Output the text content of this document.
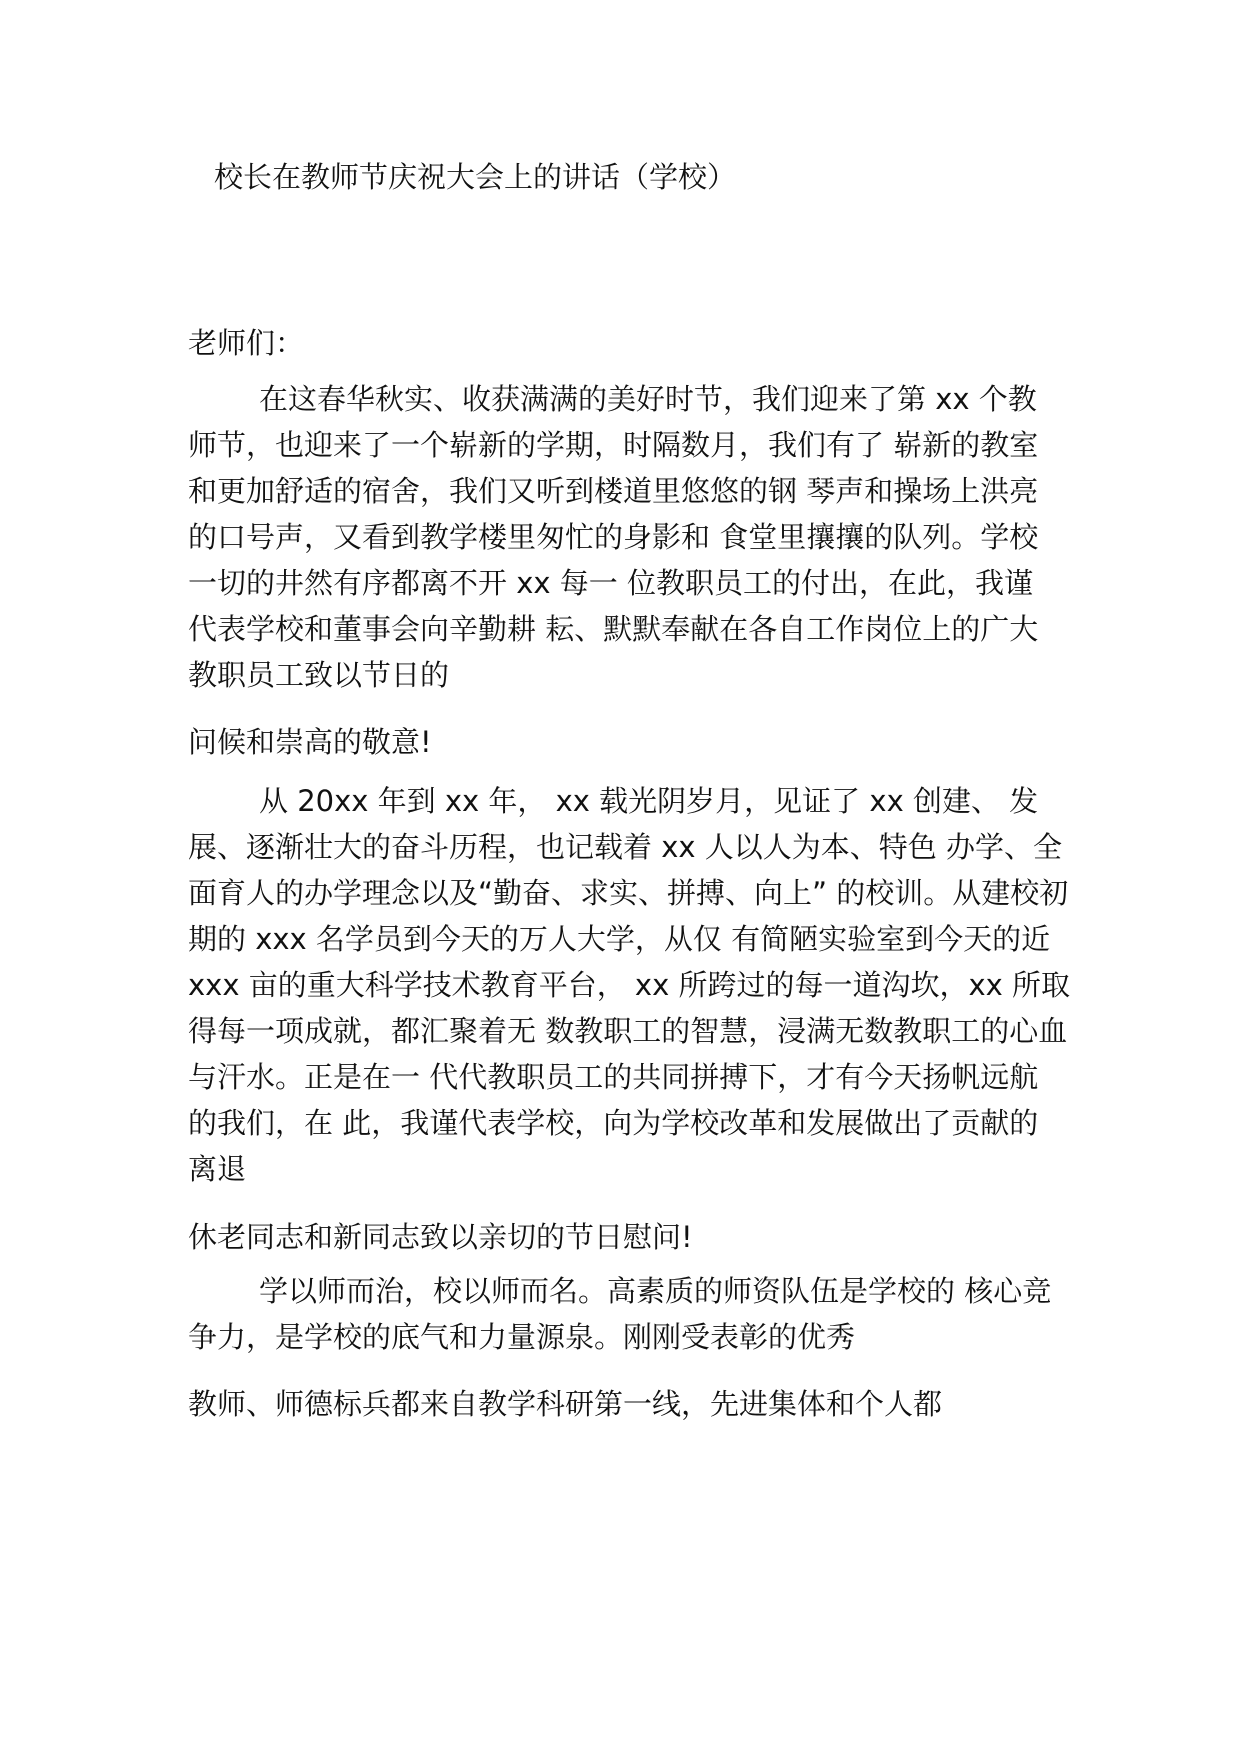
校长在教师节庆祝大会上的讲话（学校）
老师们：
在这春华秋实、收获满满的美好时节，我们迎来了第 xx 个教
师节，也迎来了一个崭新的学期，时隔数月，我们有了 崭新的教室
和更加舒适的宿舍，我们又听到楼道里悠悠的钢 琴声和操场上洪亮
的口号声，又看到教学楼里匆忙的身影和 食堂里攘攘的队列。学校
一切的井然有序都离不开 xx 每一 位教职员工的付出，在此，我谨
代表学校和董事会向辛勤耕 耘、默默奉献在各自工作岗位上的广大
教职员工致以节日的
问候和崇高的敬意!
从 20xx 年到 xx 年， xx 载光阴岁月，见证了 xx 创建、 发
展、逐渐壮大的奋斗历程，也记载着 xx 人以人为本、特色 办学、全
面育人的办学理念以及“勤奋、求实、拼搏、向上” 的校训。从建校初
期的 xxx 名学员到今天的万人大学，从仅 有简陋实验室到今天的近
xxx 亩的重大科学技术教育平台， xx 所跨过的每一道沟坎，xx 所取
得每一项成就，都汇聚着无 数教职工的智慧，浸满无数教职工的心血
与汗水。正是在一 代代教职员工的共同拼搏下，才有今天扬帆远航
的我们，在 此，我谨代表学校，向为学校改革和发展做出了贡献的
离退
休老同志和新同志致以亲切的节日慰问!
学以师而治，校以师而名。高素质的师资队伍是学校的 核心竞
争力，是学校的底气和力量源泉。刚刚受表彰的优秀
教师、师德标兵都来自教学科研第一线，先进集体和个人都
